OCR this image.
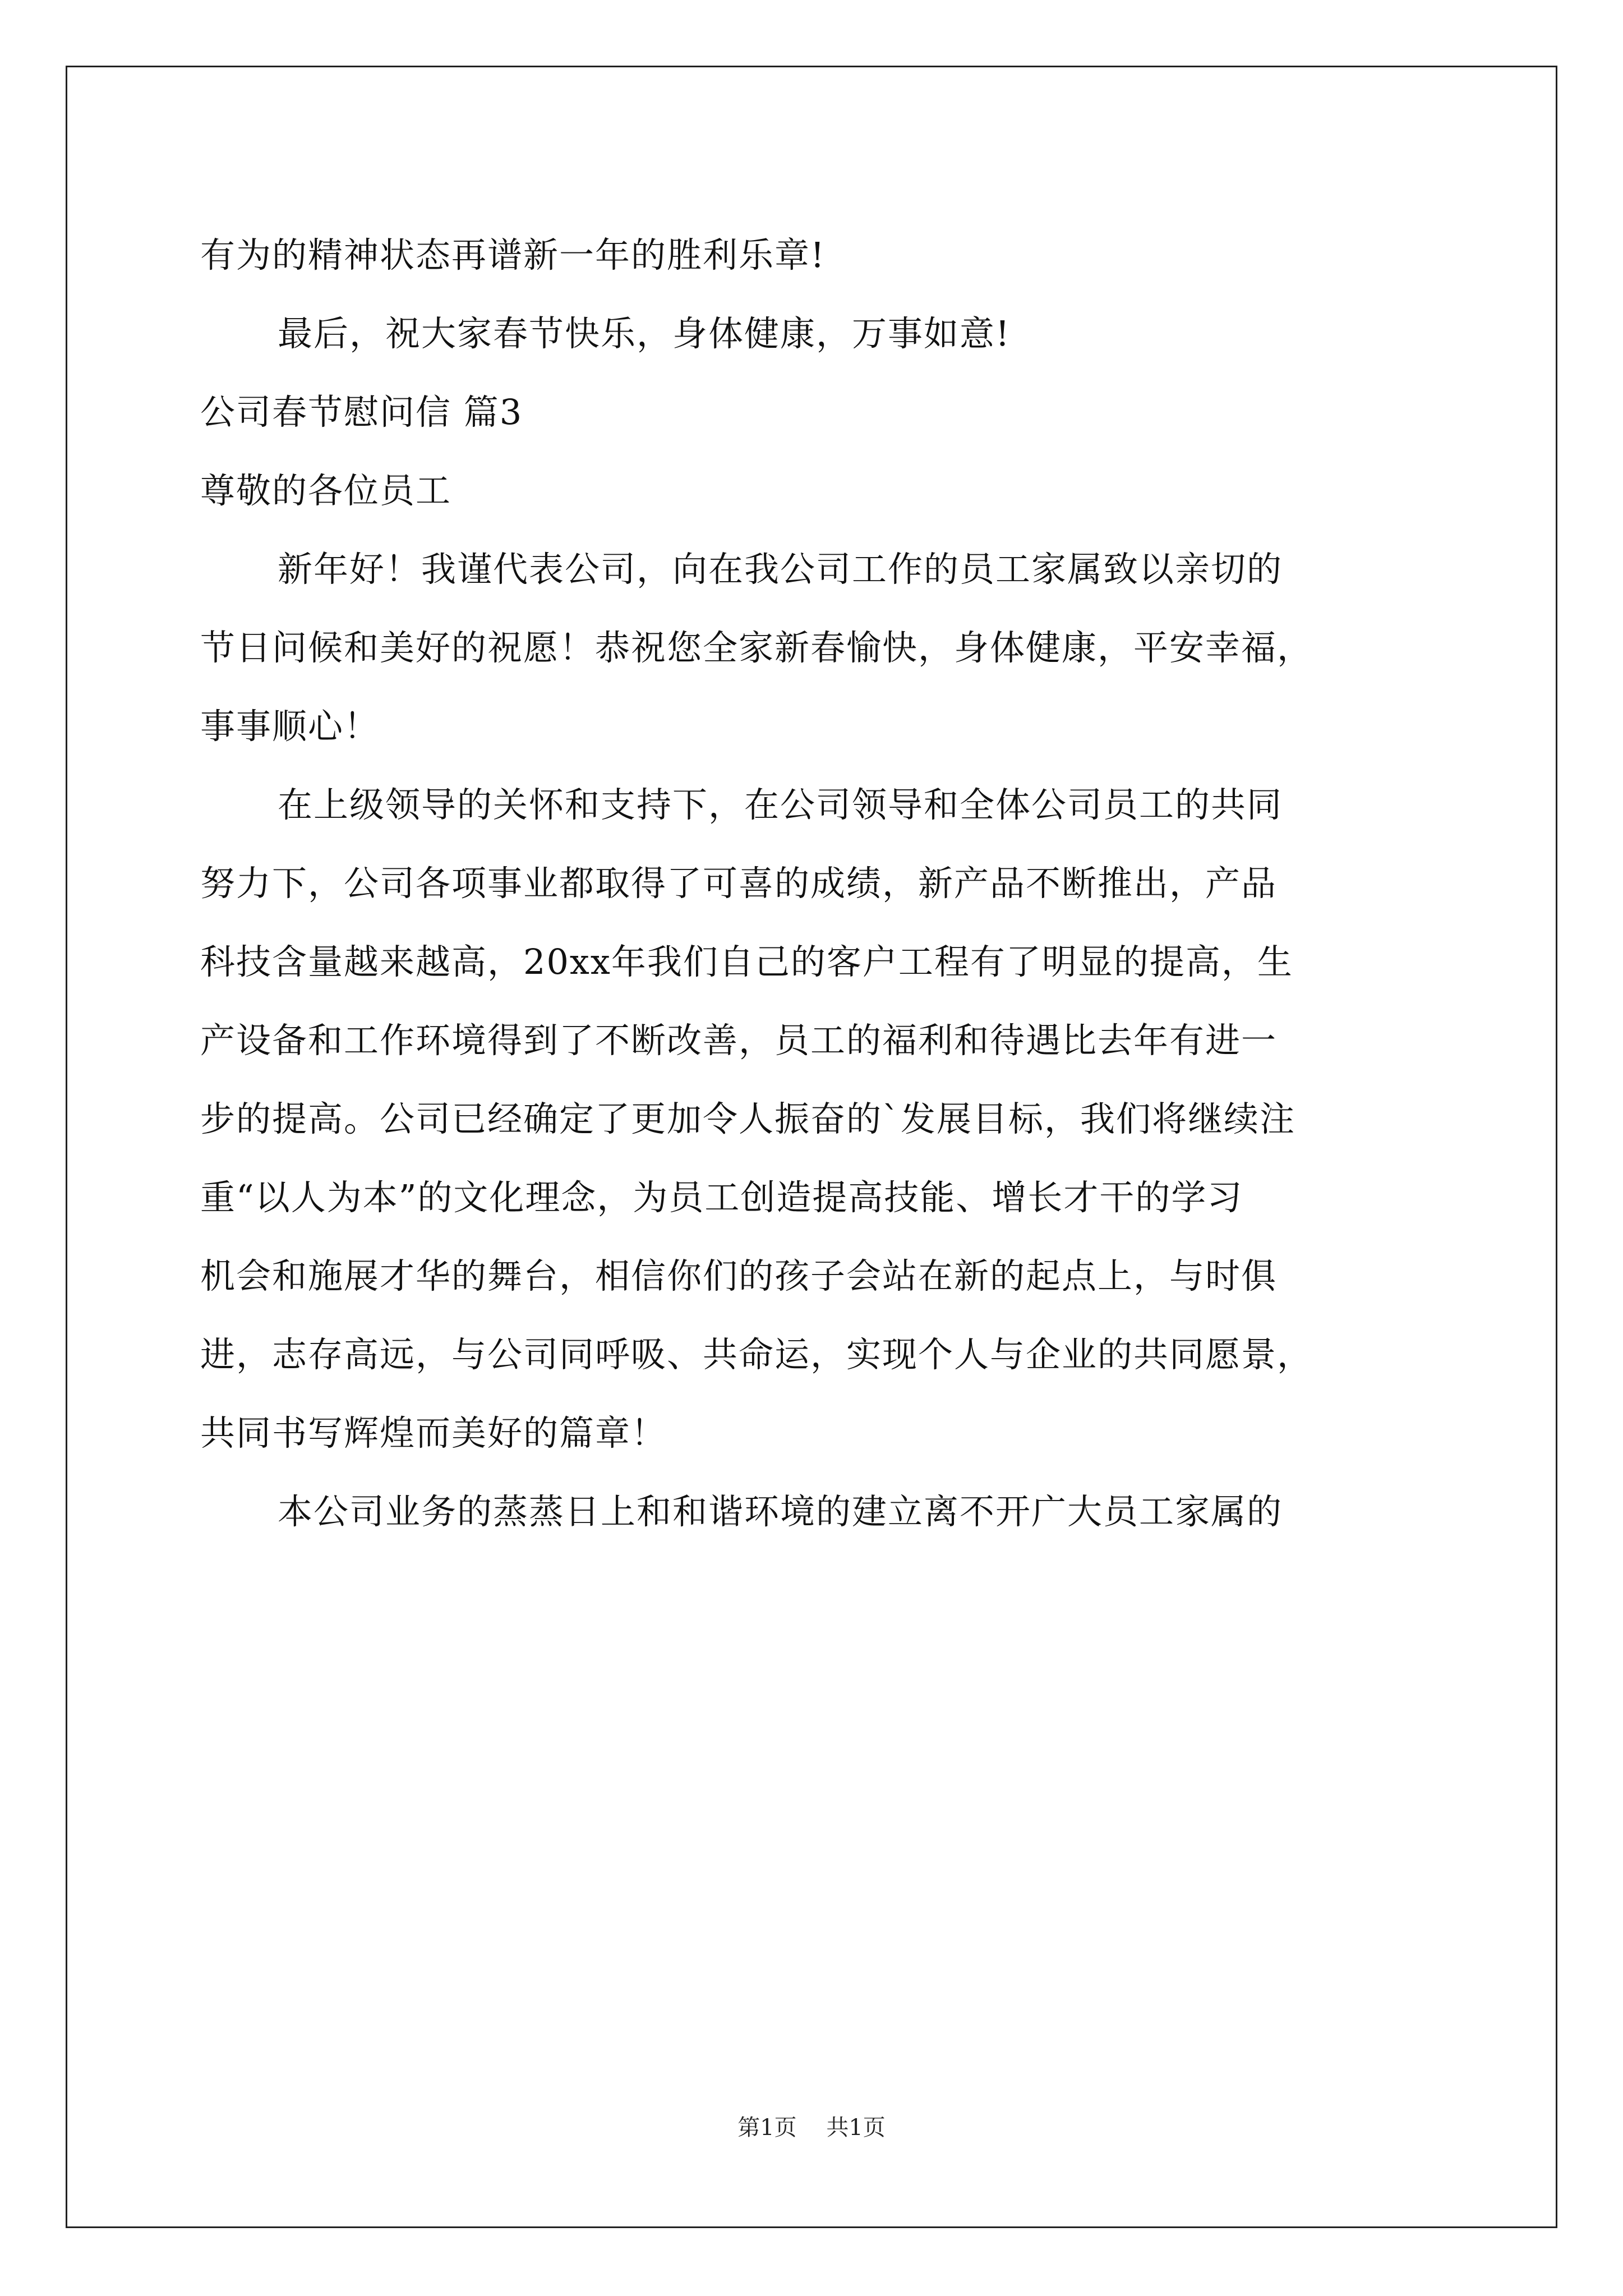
有为的精神状态再谱新一年的胜利乐章!
最后，祝大家春节快乐，身体健康，万事如意!
公司春节慰问信 篇3
尊敬的各位员工
新年好！我谨代表公司，向在我公司工作的员工家属致以亲切的
节日问候和美好的祝愿！恭祝您全家新春愉快，身体健康，平安幸福，
事事顺心！
在上级领导的关怀和支持下，在公司领导和全体公司员工的共同
努力下，公司各项事业都取得了可喜的成绩，新产品不断推出，产品
科技含量越来越高，20xx年我们自己的客户工程有了明显的提高，生
产设备和工作环境得到了不断改善，员工的福利和待遇比去年有进一
步的提高。公司已经确定了更加令人振奋的`发展目标，我们将继续注
重“以人为本”的文化理念，为员工创造提高技能、增长才干的学习
机会和施展才华的舞台，相信你们的孩子会站在新的起点上，与时俱
进，志存高远，与公司同呼吸、共命运，实现个人与企业的共同愿景，
共同书写辉煌而美好的篇章！
本公司业务的蒸蒸日上和和谐环境的建立离不开广大员工家属的
第1页 共1页
